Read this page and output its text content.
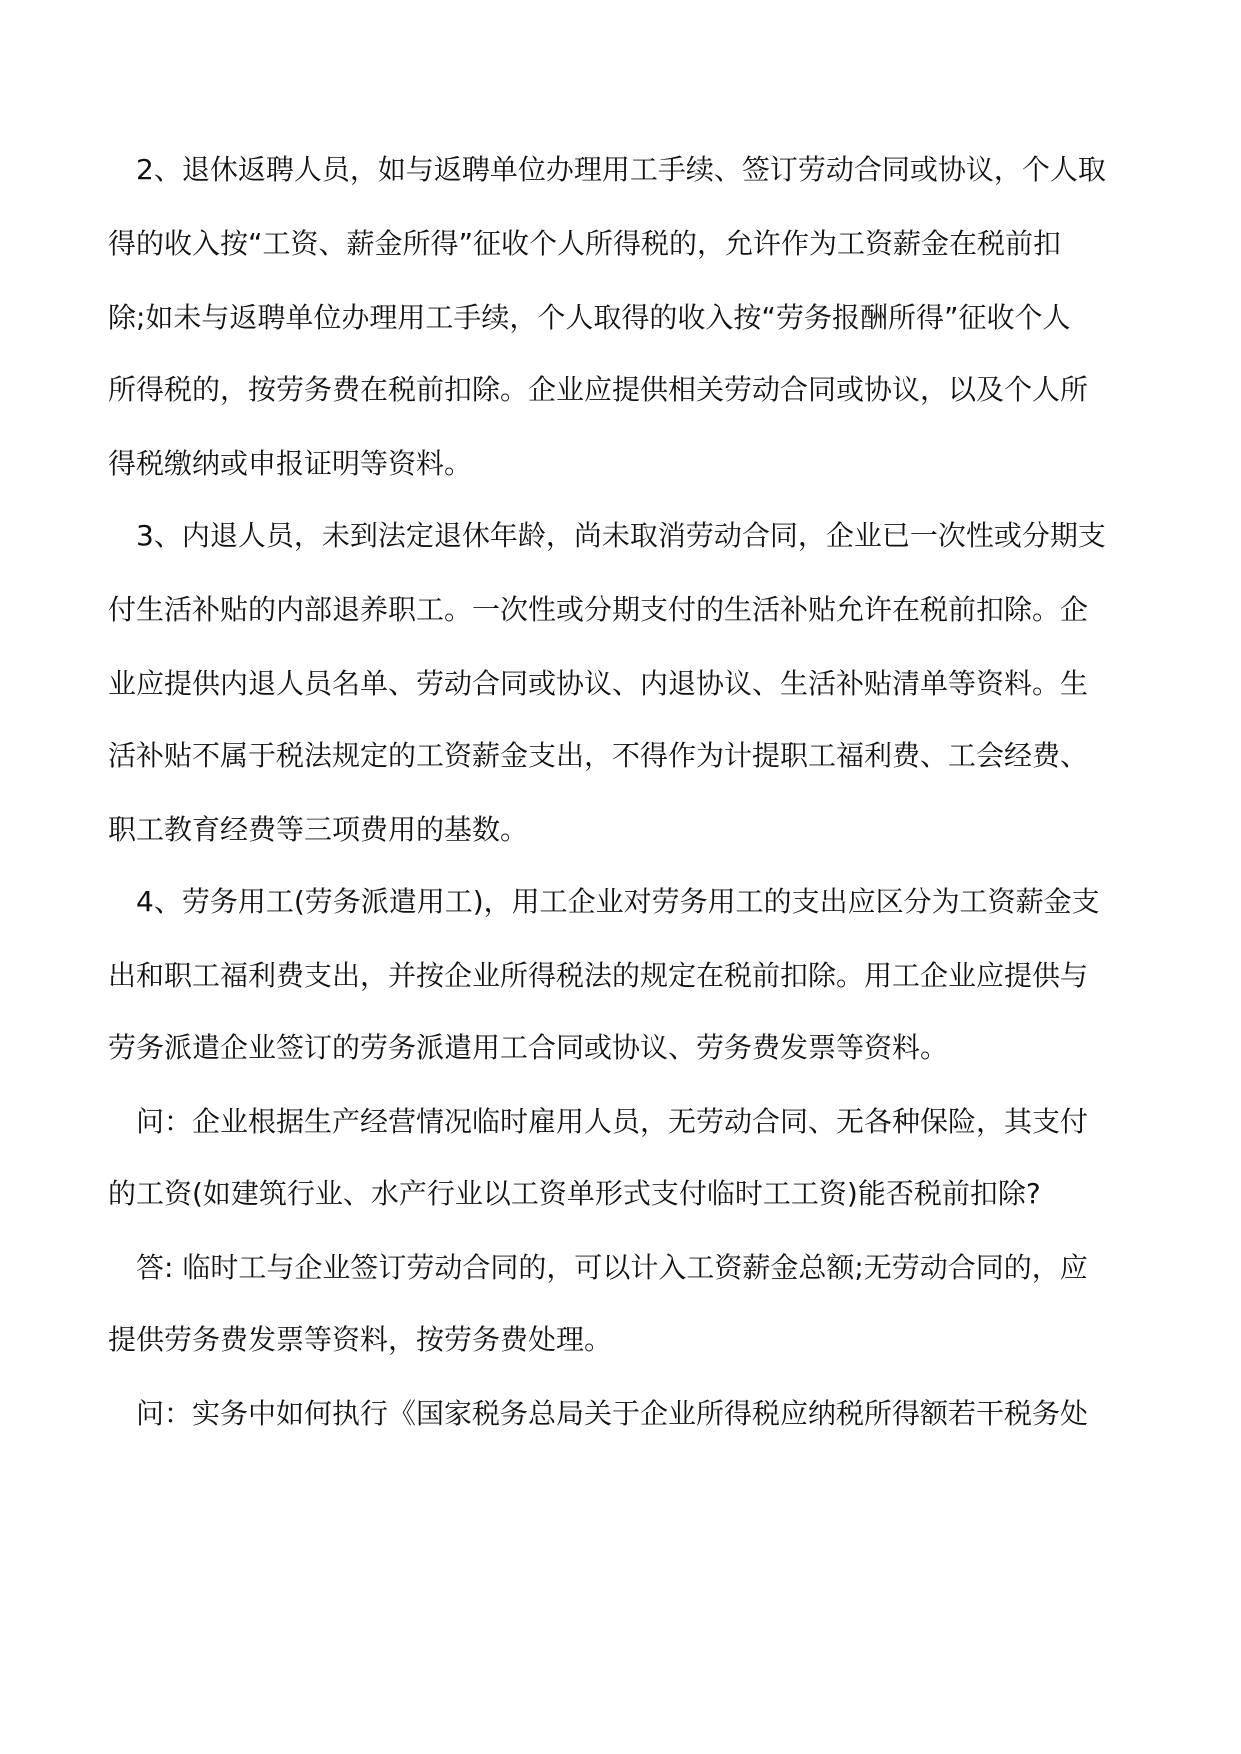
2、退休返聘人员，如与返聘单位办理用工手续、签订劳动合同或协议，个人取
得的收入按“工资、薪金所得”征收个人所得税的，允许作为工资薪金在税前扣
除;如未与返聘单位办理用工手续，个人取得的收入按“劳务报酬所得”征收个人
所得税的，按劳务费在税前扣除。企业应提供相关劳动合同或协议，以及个人所
得税缴纳或申报证明等资料。
3、内退人员，未到法定退休年龄，尚未取消劳动合同，企业已一次性或分期支
付生活补贴的内部退养职工。一次性或分期支付的生活补贴允许在税前扣除。企
业应提供内退人员名单、劳动合同或协议、内退协议、生活补贴清单等资料。生
活补贴不属于税法规定的工资薪金支出，不得作为计提职工福利费、工会经费、
职工教育经费等三项费用的基数。
4、劳务用工(劳务派遣用工)，用工企业对劳务用工的支出应区分为工资薪金支
出和职工福利费支出，并按企业所得税法的规定在税前扣除。用工企业应提供与
劳务派遣企业签订的劳务派遣用工合同或协议、劳务费发票等资料。
问：企业根据生产经营情况临时雇用人员，无劳动合同、无各种保险，其支付
的工资(如建筑行业、水产行业以工资单形式支付临时工工资)能否税前扣除?
答: 临时工与企业签订劳动合同的，可以计入工资薪金总额;无劳动合同的，应
提供劳务费发票等资料，按劳务费处理。
问：实务中如何执行《国家税务总局关于企业所得税应纳税所得额若干税务处
